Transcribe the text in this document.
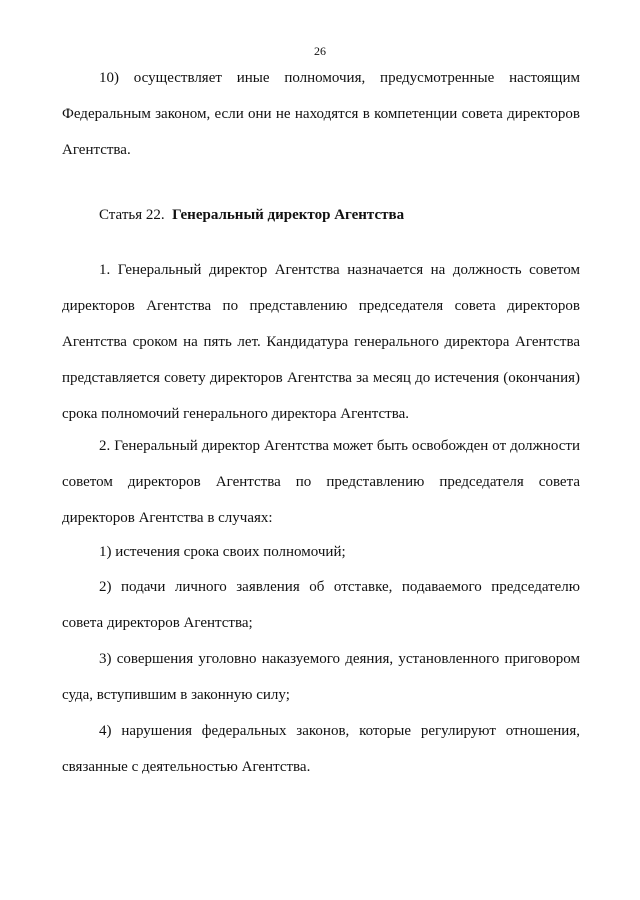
26

10) осуществляет иные полномочия, предусмотренные настоящим Федеральным законом, если они не находятся в компетенции совета директоров Агентства.

Статья 22. Генеральный директор Агентства

1. Генеральный директор Агентства назначается на должность советом директоров Агентства по представлению председателя совета директоров Агентства сроком на пять лет. Кандидатура генерального директора Агентства представляется совету директоров Агентства за месяц до истечения (окончания) срока полномочий генерального директора Агентства.

2. Генеральный директор Агентства может быть освобожден от должности советом директоров Агентства по представлению председателя совета директоров Агентства в случаях:

1) истечения срока своих полномочий;

2) подачи личного заявления об отставке, подаваемого председателю совета директоров Агентства;

3) совершения уголовно наказуемого деяния, установленного приговором суда, вступившим в законную силу;

4) нарушения федеральных законов, которые регулируют отношения, связанные с деятельностью Агентства.
